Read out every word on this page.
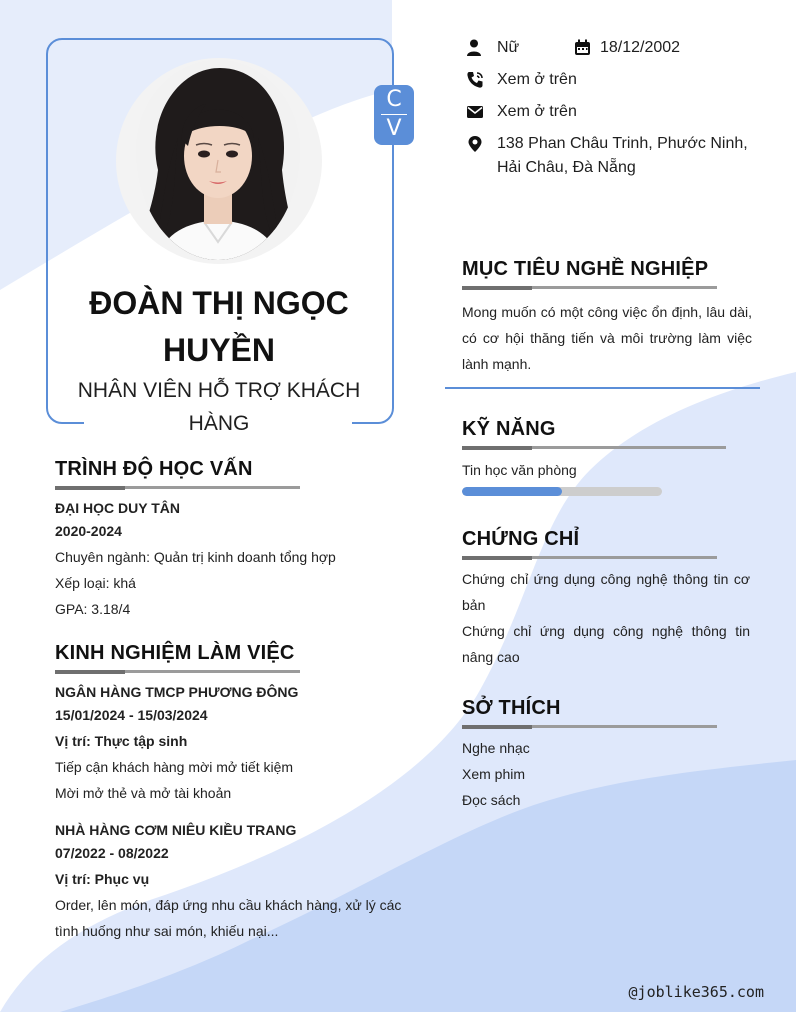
C
V
ĐOÀN THỊ NGỌC HUYỀN
NHÂN VIÊN HỖ TRỢ KHÁCH HÀNG
Nữ	18/12/2002
Xem ở trên
Xem ở trên
138 Phan Châu Trinh, Phước Ninh, Hải Châu, Đà Nẵng
MỤC TIÊU NGHỀ NGHIỆP
Mong muốn có một công việc ổn định, lâu dài, có cơ hội thăng tiến và môi trường làm việc lành mạnh.
KỸ NĂNG
Tin học văn phòng
CHỨNG CHỈ
Chứng chỉ ứng dụng công nghệ thông tin cơ bản
Chứng chỉ ứng dụng công nghệ thông tin nâng cao
SỞ THÍCH
Nghe nhạc
Xem phim
Đọc sách
TRÌNH ĐỘ HỌC VẤN
ĐẠI HỌC DUY TÂN
2020-2024
Chuyên ngành: Quản trị kinh doanh tổng hợp
Xếp loại: khá
GPA: 3.18/4
KINH NGHIỆM LÀM VIỆC
NGÂN HÀNG TMCP PHƯƠNG ĐÔNG
15/01/2024 - 15/03/2024
Vị trí: Thực tập sinh
Tiếp cận khách hàng mời mở tiết kiệm
Mời mở thẻ và mở tài khoản
NHÀ HÀNG CƠM NIÊU KIỀU TRANG
07/2022 - 08/2022
Vị trí: Phục vụ
Order, lên món, đáp ứng nhu cầu khách hàng, xử lý các tình huống như sai món, khiếu nại...
@joblike365.com
